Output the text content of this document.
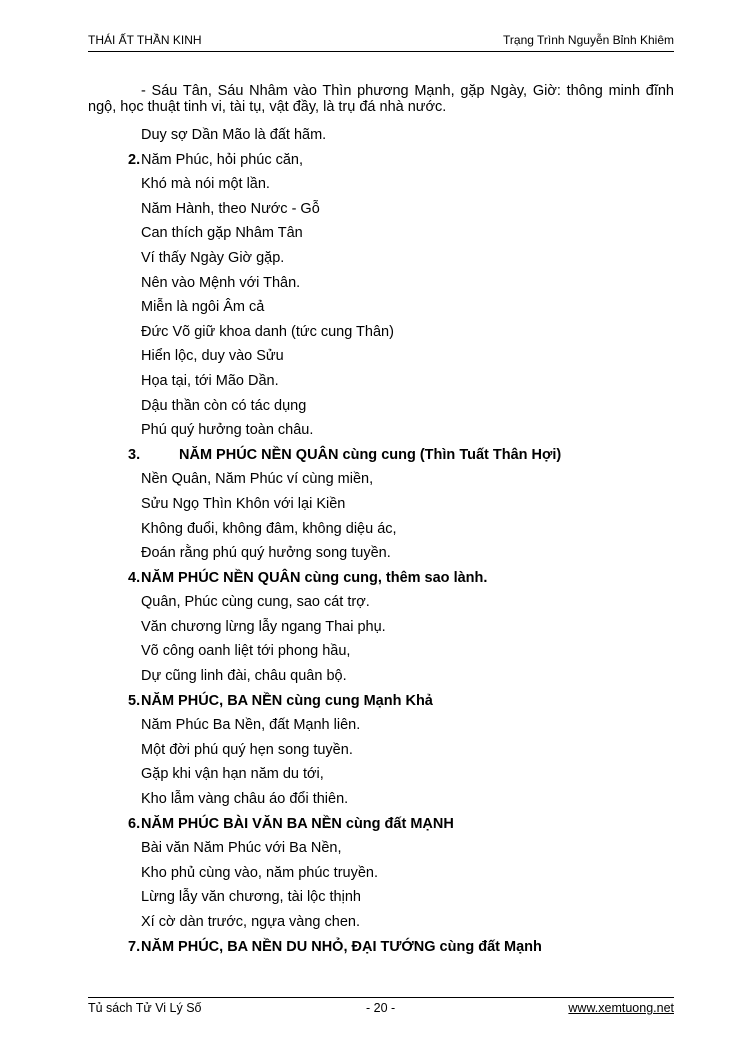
THÁI ẤT THẦN KINH	Trạng Trình Nguyễn Bỉnh Khiêm
- Sáu Tân, Sáu Nhâm vào Thìn phương Mạnh, gặp Ngày, Giờ: thông minh đĩnh ngộ, học thuật tinh vi, tài tụ, vật đầy, là trụ đá nhà nước.
Duy sợ Dần Mão là đất hãm.
2. Năm Phúc, hỏi phúc căn,
Khó mà nói một lần.
Năm Hành, theo Nước - Gỗ
Can thích gặp Nhâm Tân
Ví thấy Ngày Giờ gặp.
Nên vào Mệnh với Thân.
Miễn là ngôi Âm cả
Đức Võ giữ khoa danh (tức cung Thân)
Hiển lộc, duy vào Sửu
Họa tại, tới Mão Dần.
Dậu thần còn có tác dụng
Phú quý hưởng toàn châu.
3.	NĂM PHÚC NỀN QUÂN cùng cung (Thìn Tuất Thân Hợi)
Nền Quân, Năm Phúc ví cùng miền,
Sửu Ngọ Thìn Khôn với lại Kiền
Không đuổi, không đâm, không diệu ác,
Đoán rằng phú quý hưởng song tuyền.
4. NĂM PHÚC NỀN QUÂN cùng cung, thêm sao lành.
Quân, Phúc cùng cung, sao cát trợ.
Văn chương lừng lẫy ngang Thai phụ.
Võ công oanh liệt tới phong hầu,
Dự cũng linh đài, châu quân bộ.
5. NĂM PHÚC, BA NỀN cùng cung Mạnh Khả
Năm Phúc Ba Nền, đất Mạnh liên.
Một đời phú quý hẹn song tuyền.
Gặp khi vận hạn năm du tới,
Kho lẫm vàng châu áo đổi thiên.
6. NĂM PHÚC BÀI VĂN BA NỀN cùng đất MẠNH
Bài văn Năm Phúc với Ba Nền,
Kho phủ cùng vào, năm phúc truyền.
Lừng lẫy văn chương, tài lộc thịnh
Xí cờ dàn trước, ngựa vàng chen.
7. NĂM PHÚC, BA NỀN DU NHỎ, ĐẠI TƯỚNG cùng đất Mạnh
Tủ sách Tử Vi Lý Số	- 20 -	www.xemtuong.net
